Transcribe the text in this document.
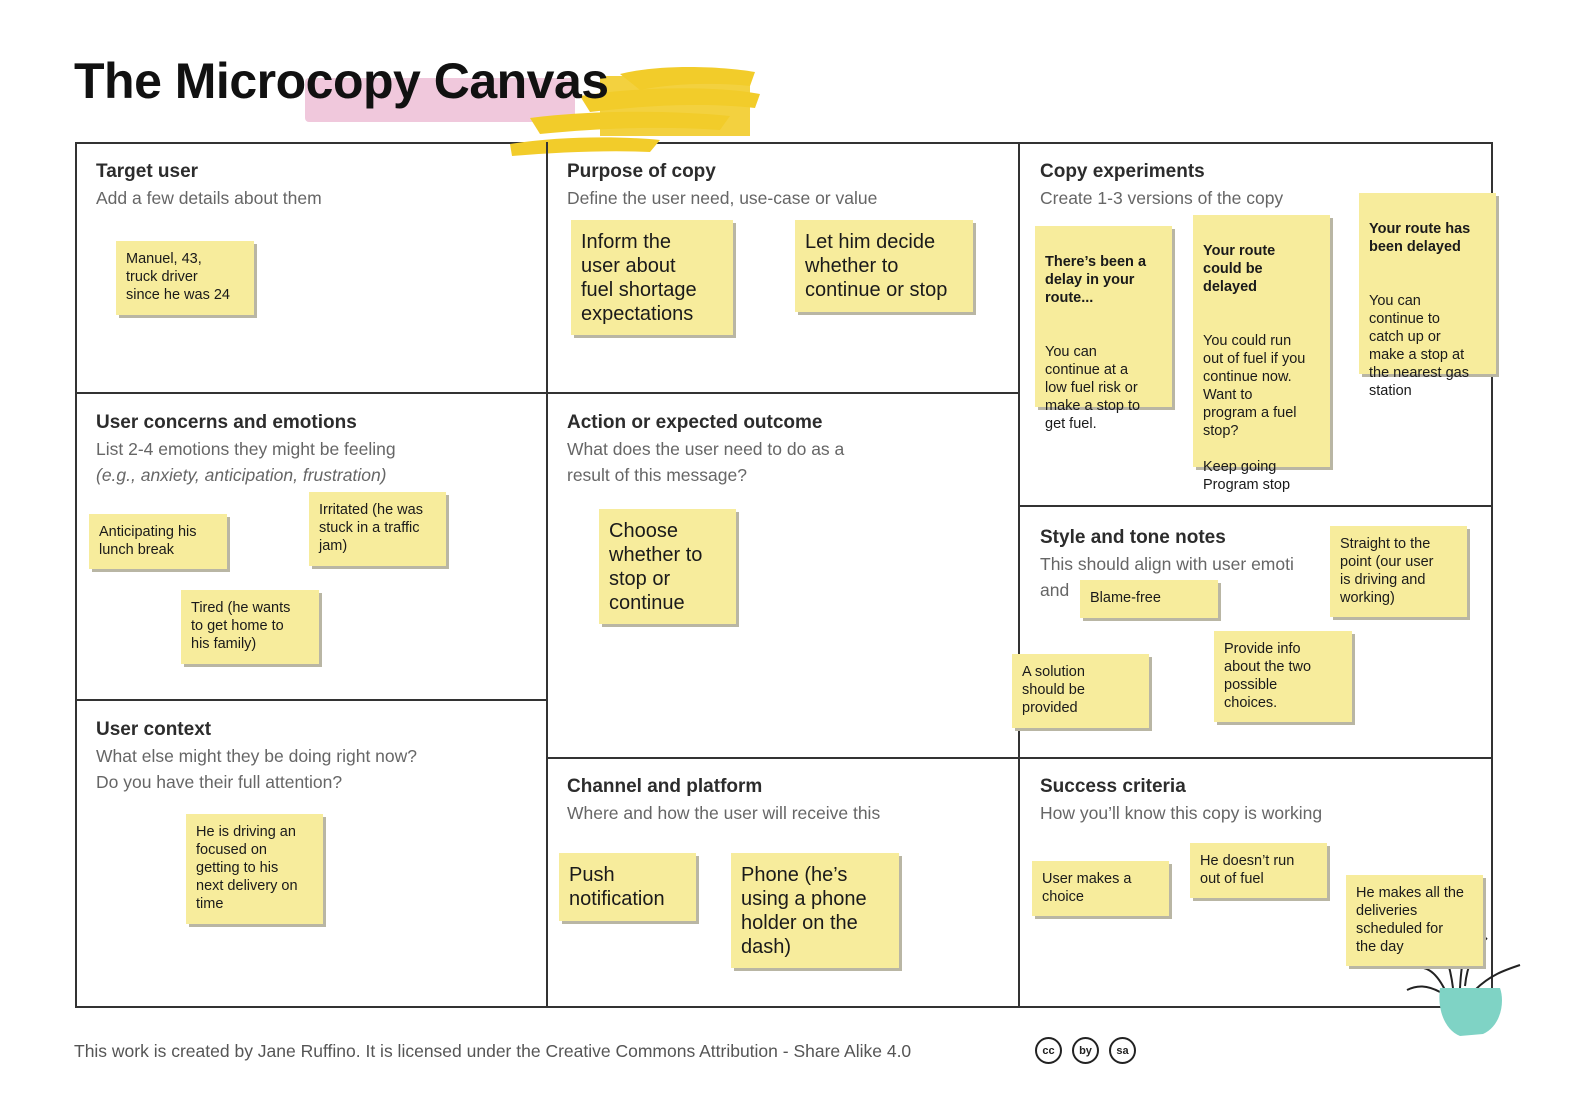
The Microcopy Canvas
Target user
Add a few details about them
Purpose of copy
Define the user need, use-case or value
Copy experiments
Create 1-3 versions of the copy
User concerns and emotions
List 2-4 emotions they might be feeling
(e.g., anxiety, anticipation, frustration)
Action or expected outcome
What does the user need to do as a
result of this message?
Style and tone notes
This should align with user emoti
and
User context
What else might they be doing right now?
Do you have their full attention?	Channel and platform
Where and how the user will receive this
Success criteria
How you’ll know this copy is working
Manuel, 43,
truck driver
since he was 24
Inform the
user about
fuel shortage
expectations
Let him decide
whether to
continue or stop

There’s been a
delay in your
route...

You can
continue at a
low fuel risk or
make a stop to
get fuel.

Your route
could be
delayed

You could run
out of fuel if you
continue now.
Want to
program a fuel
stop?

Keep going
Program stop

Your route has
been delayed

You can
continue to
catch up or
make a stop at
the nearest gas
station

Anticipating his
lunch break
Irritated (he was
stuck in a traffic
jam)
Tired (he wants
to get home to
his family)
Choose
whether to
stop or
continue	Blame-free
Straight to the
point (our user
is driving and
working)
A solution
should be
provided
Provide info
about the two
possible
choices.
He is driving an
focused on
getting to his
next delivery on
time
Push
notification
Phone (he’s
using a phone
holder on the
dash)
User makes a
choice
He doesn’t run
out of fuel
He makes all the
deliveries
scheduled for
the day
This work is created by Jane Ruffino. It is licensed under the Creative Commons Attribution - Share Alike 4.0	cc	by	sa
